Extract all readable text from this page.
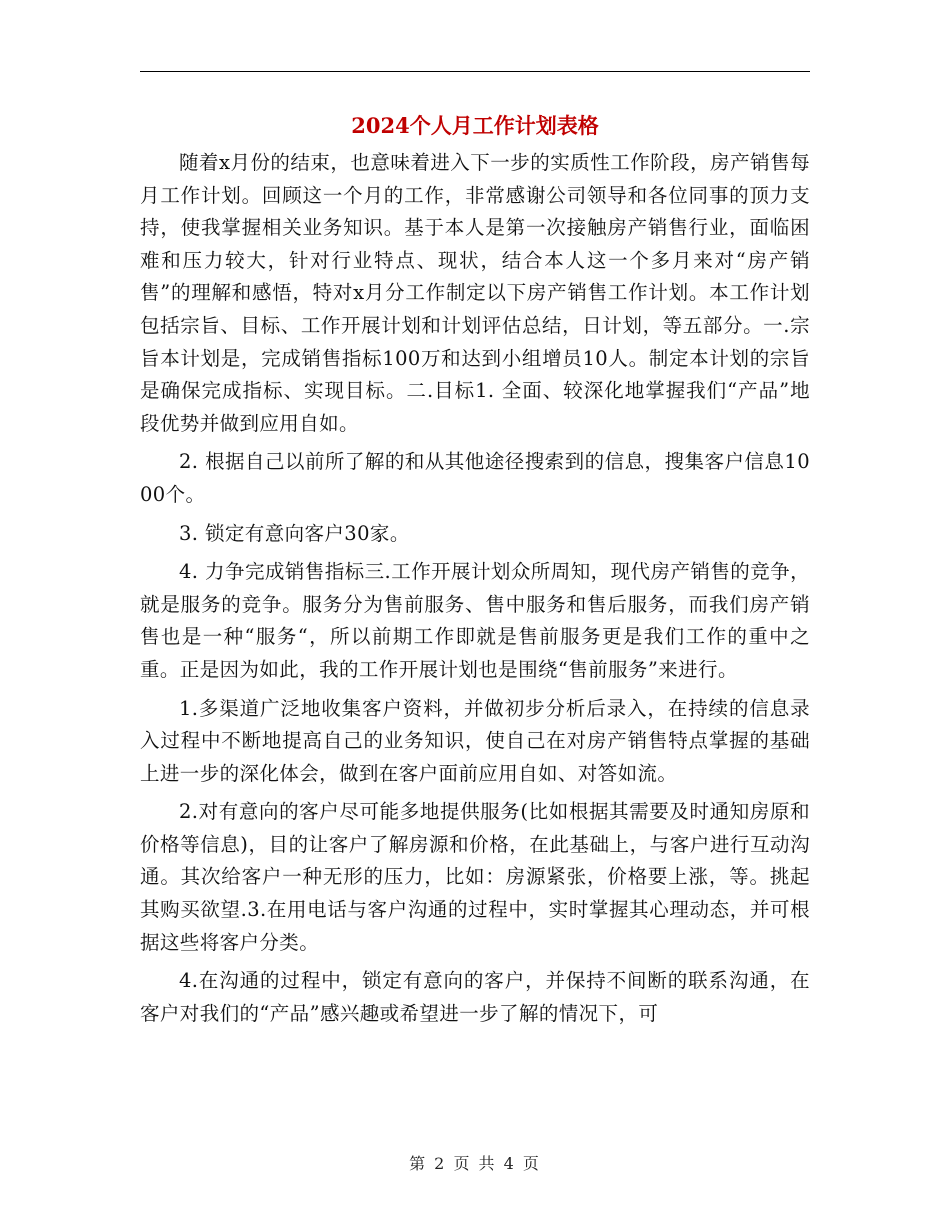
2024个人月工作计划表格

随着x月份的结束，也意味着进入下一步的实质性工作阶段，房产销售每月工作计划。回顾这一个月的工作，非常感谢公司领导和各位同事的顶力支持，使我掌握相关业务知识。基于本人是第一次接触房产销售行业，面临困难和压力较大，针对行业特点、现状，结合本人这一个多月来对“房产销售”的理解和感悟，特对x月分工作制定以下房产销售工作计划。本工作计划包括宗旨、目标、工作开展计划和计划评估总结，日计划，等五部分。一.宗旨本计划是，完成销售指标100万和达到小组增员10人。制定本计划的宗旨是确保完成指标、实现目标。二.目标1. 全面、较深化地掌握我们“产品”地段优势并做到应用自如。

2. 根据自己以前所了解的和从其他途径搜索到的信息，搜集客户信息1000个。

3. 锁定有意向客户30家。

4. 力争完成销售指标三.工作开展计划众所周知，现代房产销售的竞争，就是服务的竞争。服务分为售前服务、售中服务和售后服务，而我们房产销售也是一种“服务“，所以前期工作即就是售前服务更是我们工作的重中之重。正是因为如此，我的工作开展计划也是围绕“售前服务”来进行。

1.多渠道广泛地收集客户资料，并做初步分析后录入，在持续的信息录入过程中不断地提高自己的业务知识，使自己在对房产销售特点掌握的基础上进一步的深化体会，做到在客户面前应用自如、对答如流。

2.对有意向的客户尽可能多地提供服务(比如根据其需要及时通知房原和价格等信息)，目的让客户了解房源和价格，在此基础上，与客户进行互动沟通。其次给客户一种无形的压力，比如：房源紧张，价格要上涨，等。挑起其购买欲望.3.在用电话与客户沟通的过程中，实时掌握其心理动态，并可根据这些将客户分类。

4.在沟通的过程中，锁定有意向的客户，并保持不间断的联系沟通，在客户对我们的“产品”感兴趣或希望进一步了解的情况下，可

第 2 页 共 4 页
